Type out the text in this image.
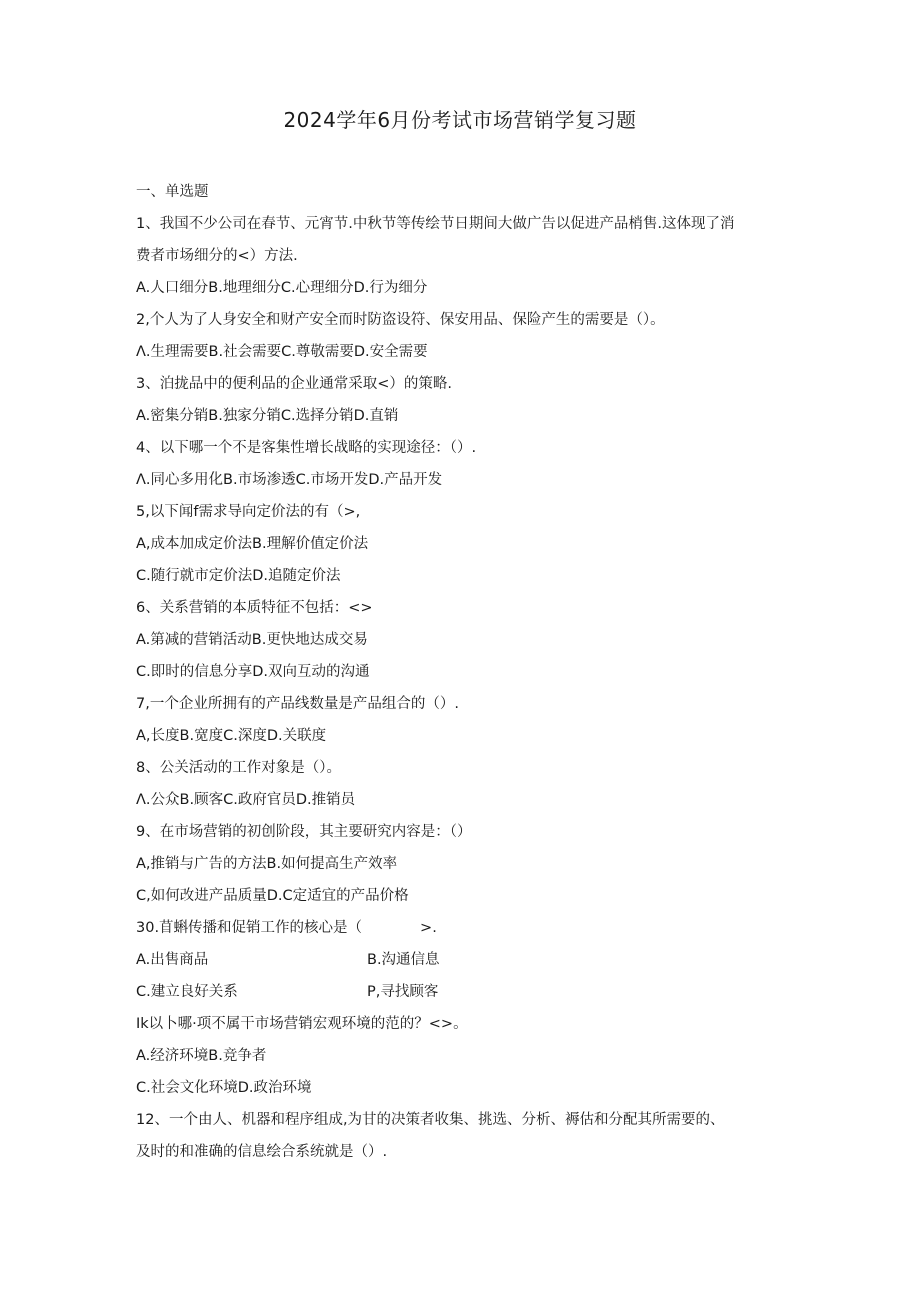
2024学年6月份考试市场营销学复习题
一、单选题
1、我国不少公司在春节、元宵节.中秋节等传绘节日期间大做广告以促进产品梢售.这体现了消
费者市场细分的<）方法.
A.人口细分B.地理细分C.心理细分D.行为细分
2,个人为了人身安全和财产安全而时防盗设符、保安用品、保险产生的需要是（）。
Λ.生理需要B.社会需要C.尊敬需要D.安全需要
3、泊拢品中的便利品的企业通常采取<）的策略.
A.密集分销B.独家分销C.选择分销D.直销
4、以下哪一个不是客集性增长战略的实现途径：（）.
Λ.同心多用化B.市场渗透C.市场开发D.产品开发
5,以下闻f需求导向定价法的有（>,
A,成本加成定价法B.理解价值定价法
C.随行就市定价法D.追随定价法
6、关系营销的本质特征不包括：<>
A.第减的营销活动B.更快地达成交易
C.即时的信息分享D.双向互动的沟通
7,一个企业所拥有的产品线数量是产品组合的（）.
A,长度B.宽度C.深度D.关联度
8、公关活动的工作对象是（）。
Λ.公众B.顾客C.政府官员D.推销员
9、在市场营销的初创阶段，其主要研究内容是：（）
A,推销与广告的方法B.如何提高生产效率
C,如何改进产品质量D.C定适宜的产品价格
30.苜蝌传播和促销工作的核心是（　　　　>.
A.出售商品	B.沟通信息
C.建立良好关系	P,寻找顾客
Ik以卜哪·项不属干市场营销宏观环境的范的？<>。
A.经济环境B.竞争者
C.社会文化环境D.政治环境
12、一个由人、机器和程序组成,为甘的决策者收集、挑选、分析、褥估和分配其所需要的、
及时的和准确的信息绘合系统就是（）.
